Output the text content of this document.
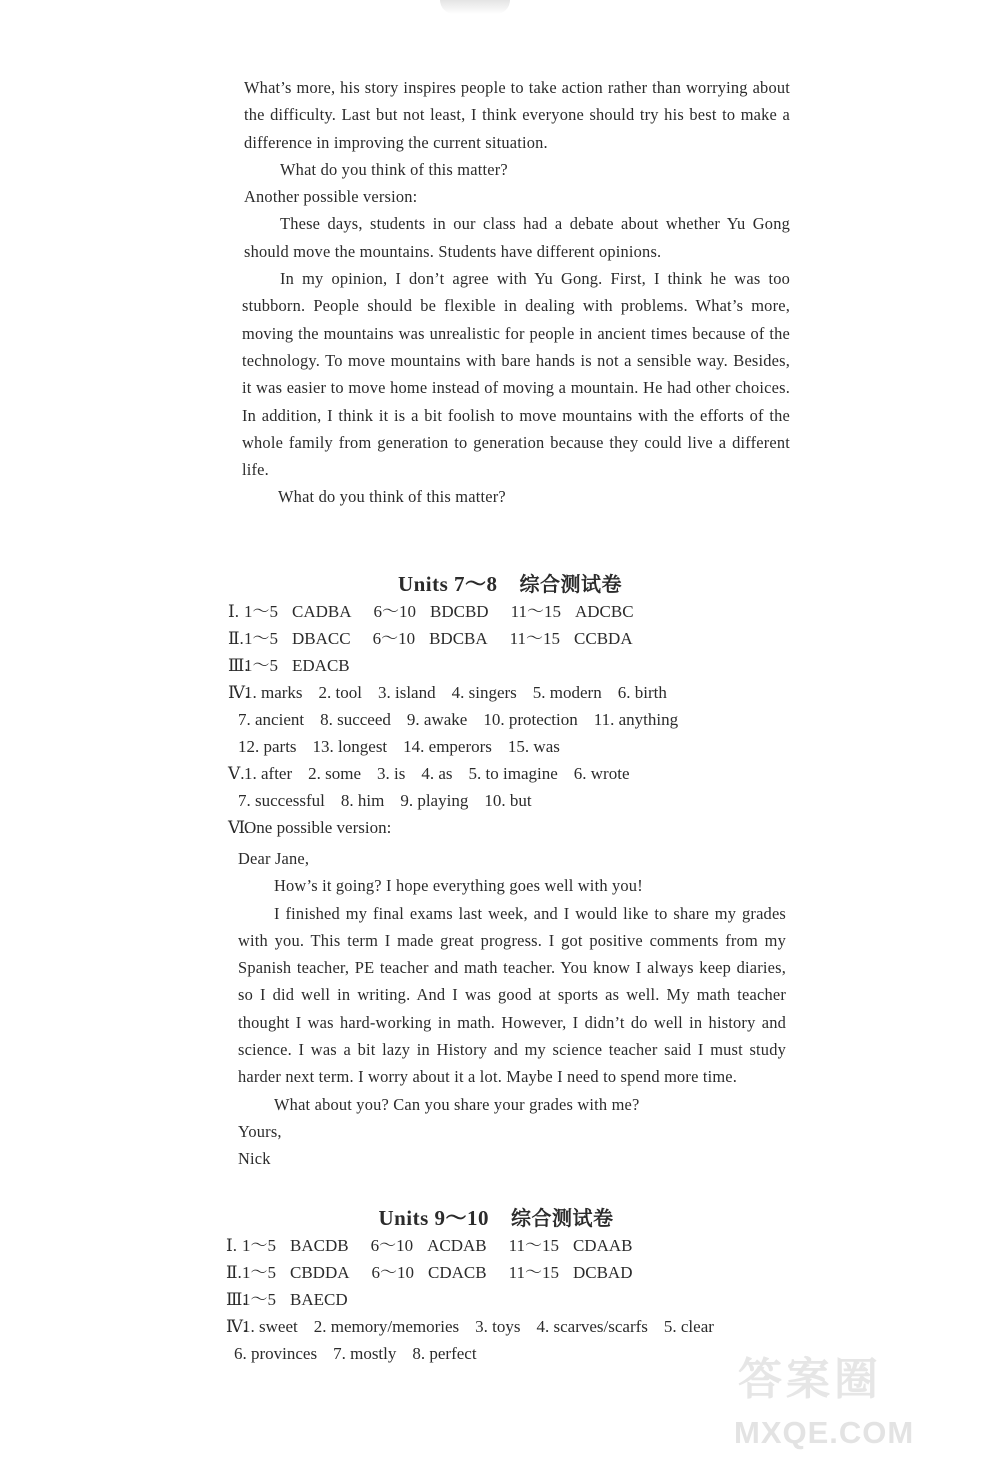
What’s more, his story inspires people to take action rather than worrying about the difficulty. Last but not least, I think everyone should try his best to make a difference in improving the current situation.

What do you think of this matter?

Another possible version:

These days, students in our class had a debate about whether Yu Gong should move the mountains. Students have different opinions.

In my opinion, I don’t agree with Yu Gong. First, I think he was too stubborn. People should be flexible in dealing with problems. What’s more, moving the mountains was unrealistic for people in ancient times because of the technology. To move mountains with bare hands is not a sensible way. Besides, it was easier to move home instead of moving a mountain. He had other choices. In addition, I think it is a bit foolish to move mountains with the efforts of the whole family from generation to generation because they could live a different life.

What do you think of this matter?

Units 7～8 综合测试卷

Ⅰ. 1～5 CADBA 6～10 BDCBD 11～15 ADCBC

Ⅱ.1～5 DBACC 6～10 BDCBA 11～15 CCBDA

Ⅲ.1～5 EDACB

Ⅳ.1. marks 2. tool 3. island 4. singers 5. modern 6. birth

7. ancient 8. succeed 9. awake 10. protection 11. anything

12. parts 13. longest 14. emperors 15. was

Ⅴ.1. after 2. some 3. is 4. as 5. to imagine 6. wrote

7. successful 8. him 9. playing 10. but

Ⅵ.One possible version:

Dear Jane,

How’s it going? I hope everything goes well with you!

I finished my final exams last week, and I would like to share my grades with you. This term I made great progress. I got positive comments from my Spanish teacher, PE teacher and math teacher. You know I always keep diaries, so I did well in writing. And I was good at sports as well. My math teacher thought I was hard-working in math. However, I didn’t do well in history and science. I was a bit lazy in History and my science teacher said I must study harder next term. I worry about it a lot. Maybe I need to spend more time.

What about you? Can you share your grades with me?

Yours,

Nick

Units 9～10 综合测试卷

Ⅰ. 1～5 BACDB 6～10 ACDAB 11～15 CDAAB

Ⅱ.1～5 CBDDA 6～10 CDACB 11～15 DCBAD

Ⅲ.1～5 BAECD

Ⅳ.1. sweet 2. memory/memories 3. toys 4. scarves/scarfs 5. clear

6. provinces 7. mostly 8. perfect

答案圈
MXQE.COM
